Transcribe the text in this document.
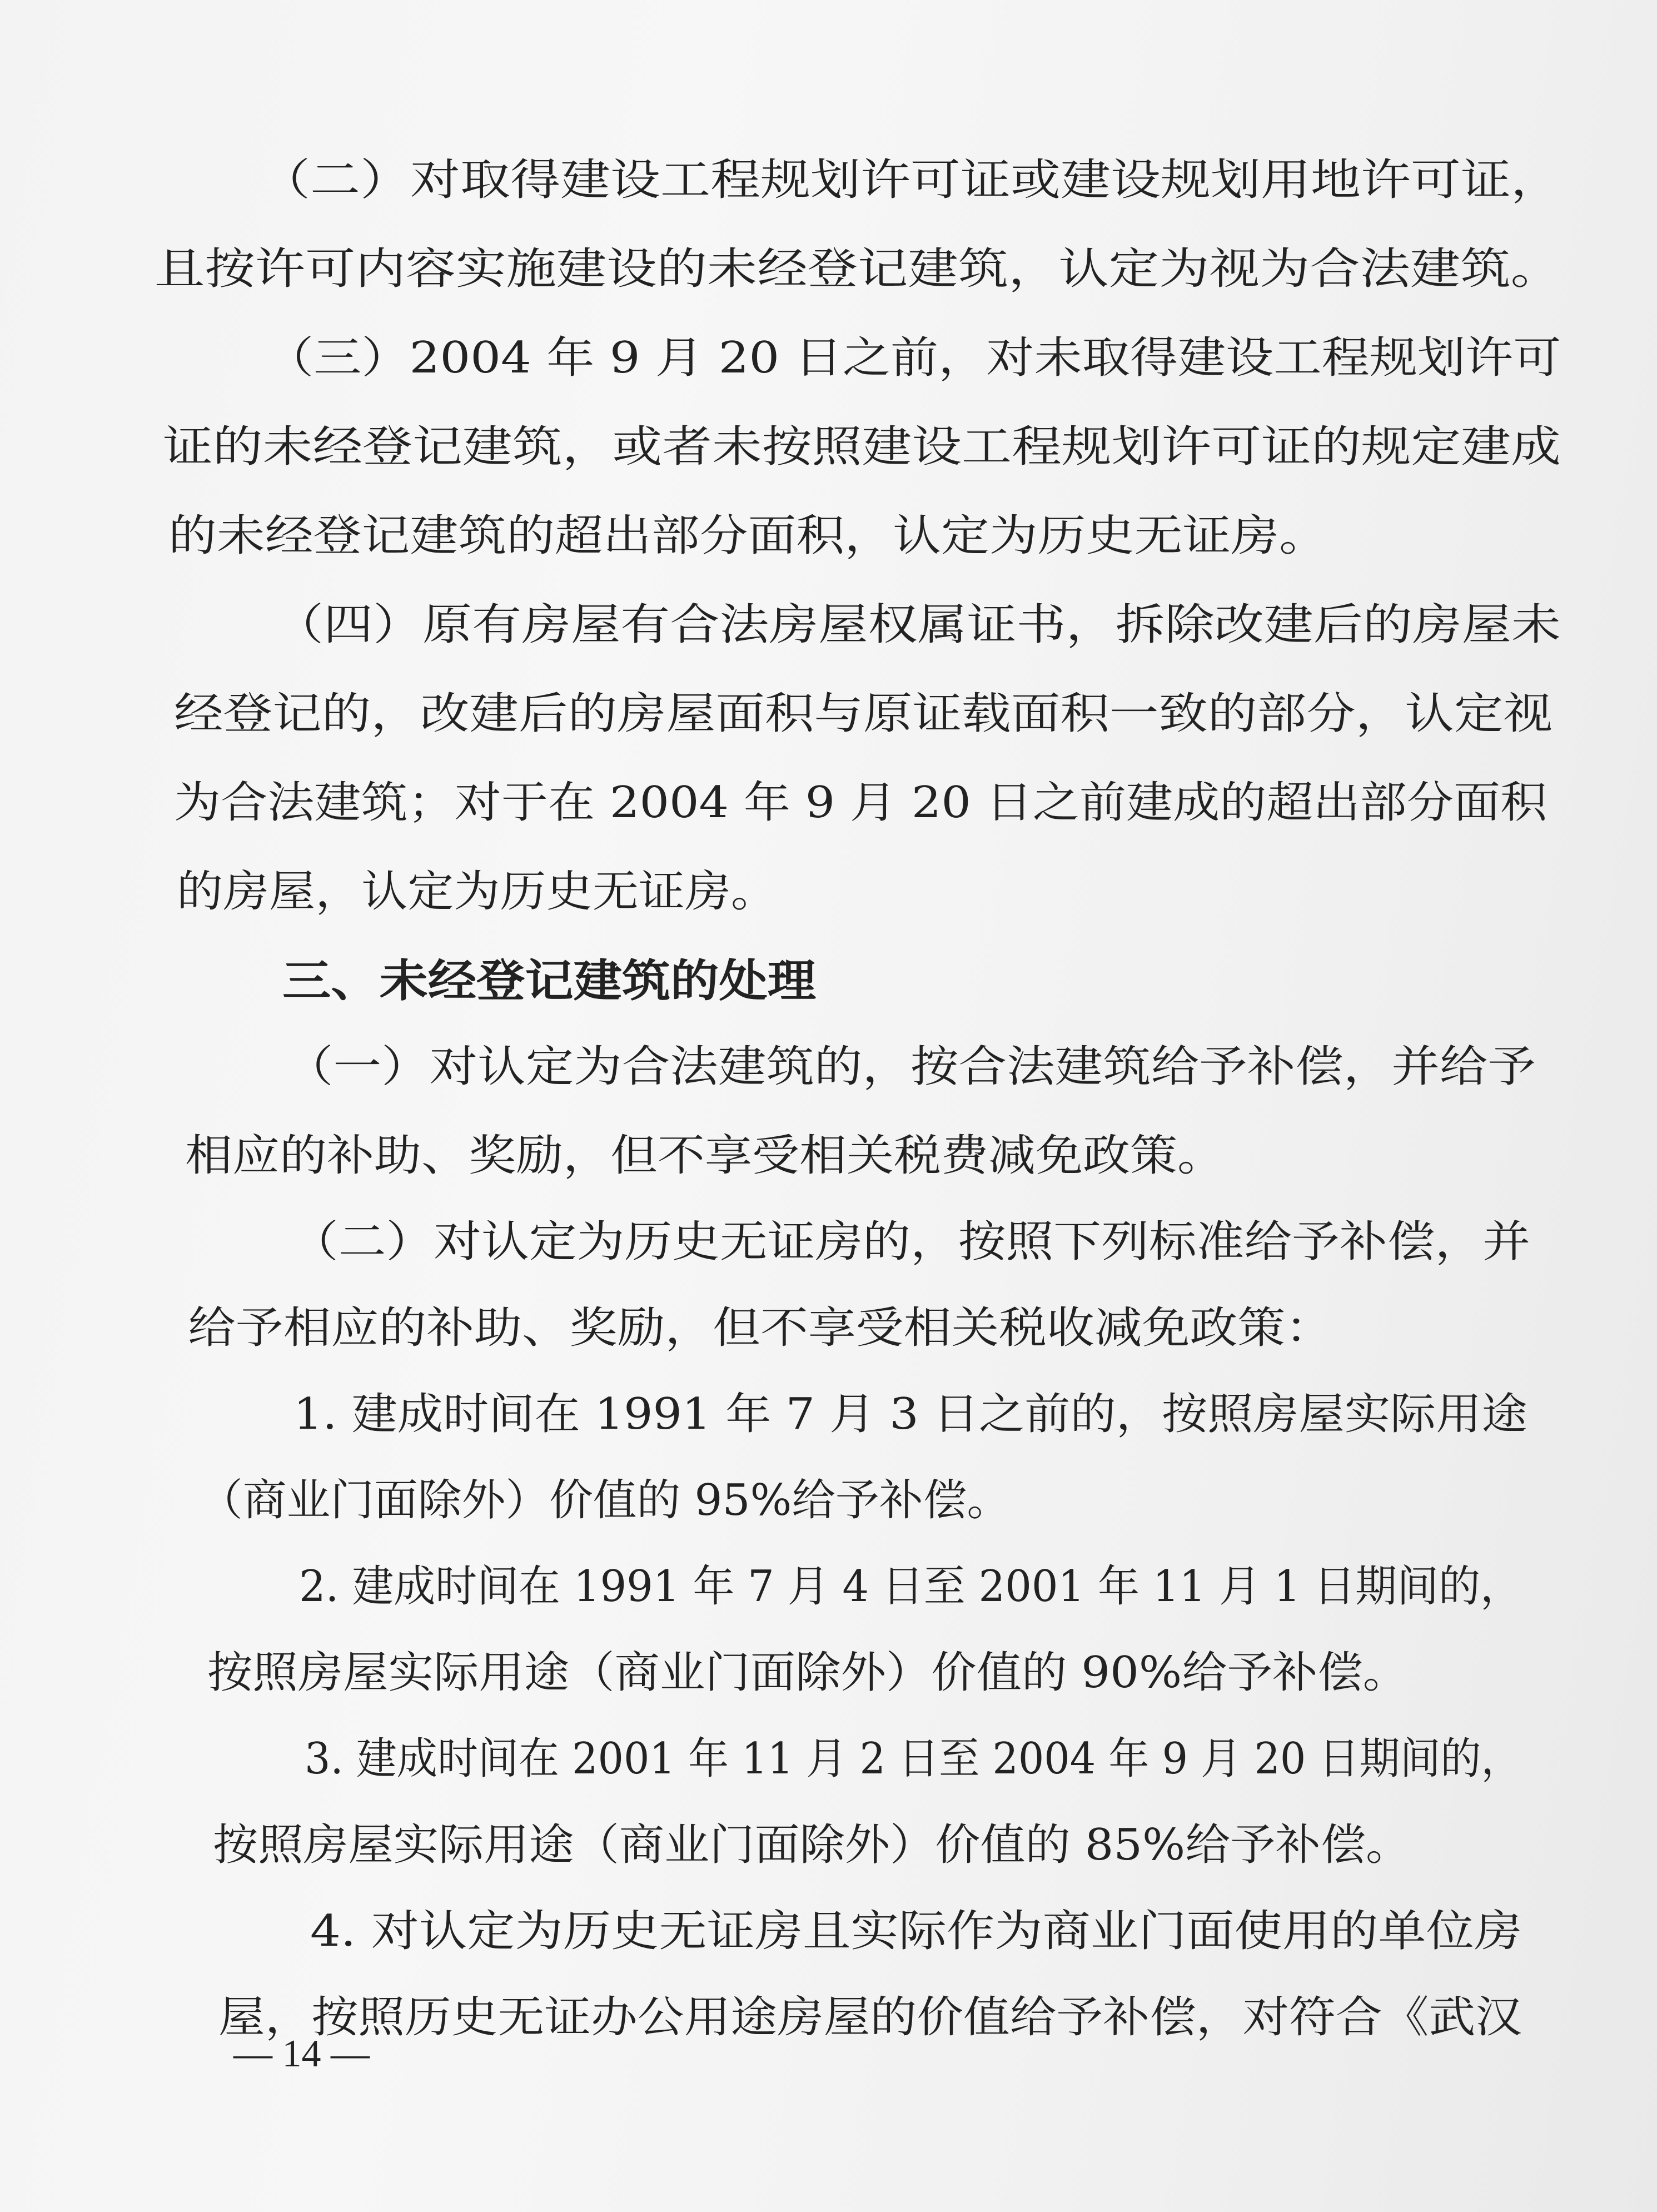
（二）对取得建设工程规划许可证或建设规划用地许可证，

且按许可内容实施建设的未经登记建筑，认定为视为合法建筑。

（三）2004 年 9 月 20 日之前，对未取得建设工程规划许可

证的未经登记建筑，或者未按照建设工程规划许可证的规定建成

的未经登记建筑的超出部分面积，认定为历史无证房。

（四）原有房屋有合法房屋权属证书，拆除改建后的房屋未

经登记的，改建后的房屋面积与原证载面积一致的部分，认定视

为合法建筑；对于在 2004 年 9 月 20 日之前建成的超出部分面积

的房屋，认定为历史无证房。

三、未经登记建筑的处理

（一）对认定为合法建筑的，按合法建筑给予补偿，并给予

相应的补助、奖励，但不享受相关税费减免政策。

（二）对认定为历史无证房的，按照下列标准给予补偿，并

给予相应的补助、奖励，但不享受相关税收减免政策：

1. 建成时间在 1991 年 7 月 3 日之前的，按照房屋实际用途

（商业门面除外）价值的 95%给予补偿。

2. 建成时间在 1991 年 7 月 4 日至 2001 年 11 月 1 日期间的，

按照房屋实际用途（商业门面除外）价值的 90%给予补偿。

3. 建成时间在 2001 年 11 月 2 日至 2004 年 9 月 20 日期间的，

按照房屋实际用途（商业门面除外）价值的 85%给予补偿。

4. 对认定为历史无证房且实际作为商业门面使用的单位房

屋，按照历史无证办公用途房屋的价值给予补偿，对符合《武汉

— 14 —
